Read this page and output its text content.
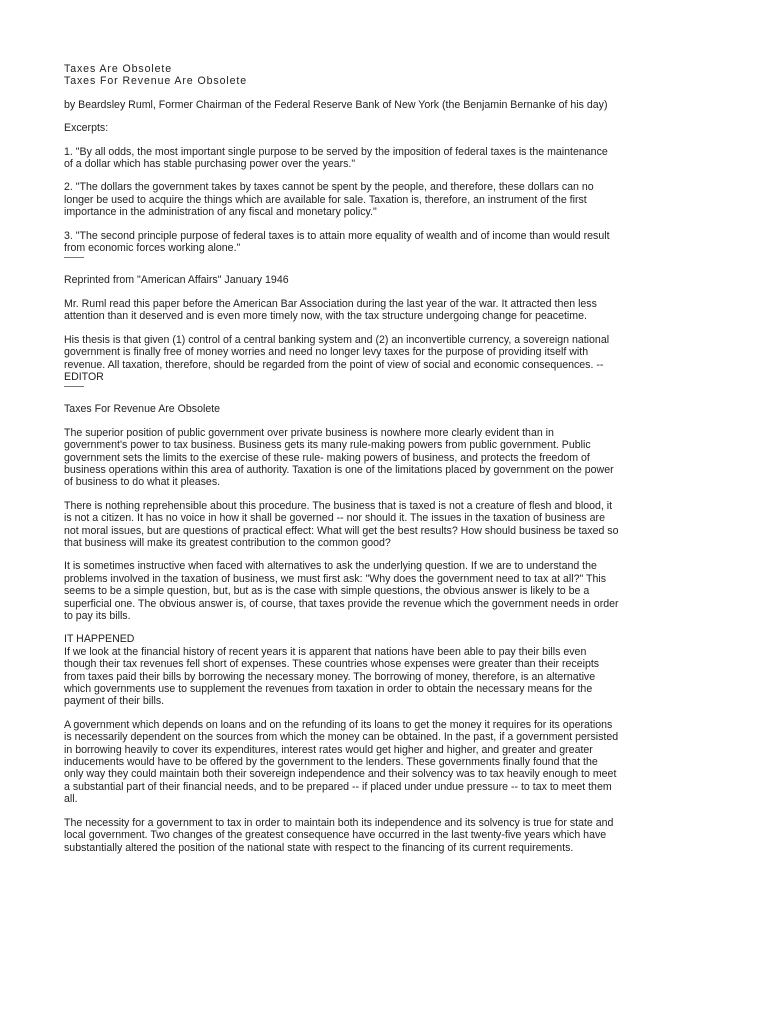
Taxes Are Obsolete

Taxes For Revenue Are Obsolete

by Beardsley Ruml, Former Chairman of the Federal Reserve Bank of New York (the Benjamin Bernanke of his day)

Excerpts:

1. "By all odds, the most important single purpose to be served by the imposition of federal taxes is the maintenance

of a dollar which has stable purchasing power over the years."

2. "The dollars the government takes by taxes cannot be spent by the people, and therefore, these dollars can no

longer be used to acquire the things which are available for sale. Taxation is, therefore, an instrument of the first

importance in the administration of any fiscal and monetary policy."

3. "The second principle purpose of federal taxes is to attain more equality of wealth and of income than would result

from economic forces working alone."

Reprinted from "American Affairs" January 1946

Mr. Ruml read this paper before the American Bar Association during the last year of the war. It attracted then less

attention than it deserved and is even more timely now, with the tax structure undergoing change for peacetime.

His thesis is that given (1) control of a central banking system and (2) an inconvertible currency, a sovereign national

government is finally free of money worries and need no longer levy taxes for the purpose of providing itself with

revenue. All taxation, therefore, should be regarded from the point of view of social and economic consequences. --

EDITOR

Taxes For Revenue Are Obsolete

The superior position of public government over private business is nowhere more clearly evident than in

government's power to tax business. Business gets its many rule-making powers from public government. Public

government sets the limits to the exercise of these rule- making powers of business, and protects the freedom of

business operations within this area of authority. Taxation is one of the limitations placed by government on the power

of business to do what it pleases.

There is nothing reprehensible about this procedure. The business that is taxed is not a creature of flesh and blood, it

is not a citizen. It has no voice in how it shall be governed -- nor should it. The issues in the taxation of business are

not moral issues, but are questions of practical effect: What will get the best results? How should business be taxed so

that business will make its greatest contribution to the common good?

It is sometimes instructive when faced with alternatives to ask the underlying question. If we are to understand the

problems involved in the taxation of business, we must first ask: "Why does the government need to tax at all?" This

seems to be a simple question, but, but as is the case with simple questions, the obvious answer is likely to be a

superficial one. The obvious answer is, of course, that taxes provide the revenue which the government needs in order

to pay its bills.

IT HAPPENED

If we look at the financial history of recent years it is apparent that nations have been able to pay their bills even

though their tax revenues fell short of expenses. These countries whose expenses were greater than their receipts

from taxes paid their bills by borrowing the necessary money. The borrowing of money, therefore, is an alternative

which governments use to supplement the revenues from taxation in order to obtain the necessary means for the

payment of their bills.

A government which depends on loans and on the refunding of its loans to get the money it requires for its operations

is necessarily dependent on the sources from which the money can be obtained. In the past, if a government persisted

in borrowing heavily to cover its expenditures, interest rates would get higher and higher, and greater and greater

inducements would have to be offered by the government to the lenders. These governments finally found that the

only way they could maintain both their sovereign independence and their solvency was to tax heavily enough to meet

a substantial part of their financial needs, and to be prepared -- if placed under undue pressure -- to tax to meet them

all.

The necessity for a government to tax in order to maintain both its independence and its solvency is true for state and

local government. Two changes of the greatest consequence have occurred in the last twenty-five years which have

substantially altered the position of the national state with respect to the financing of its current requirements.
